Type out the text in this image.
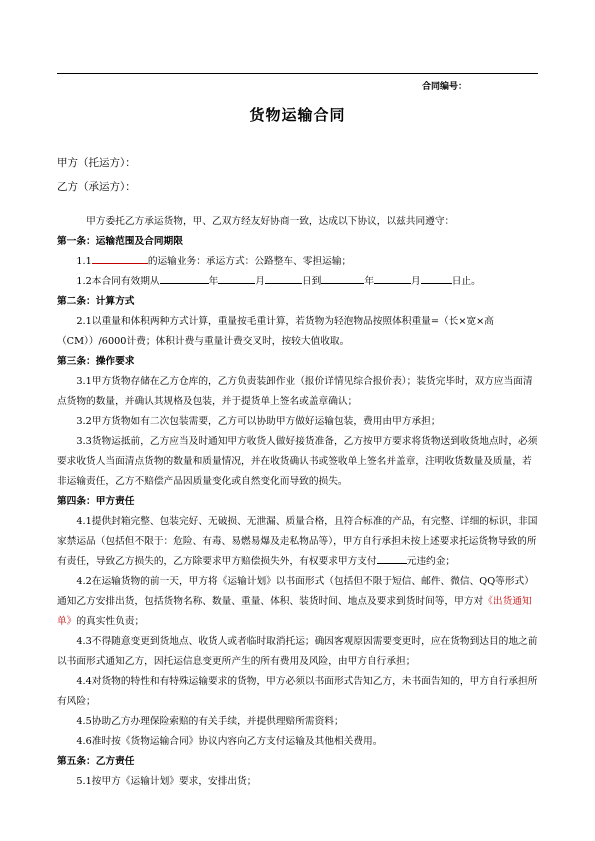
合同编号：
货物运输合同
甲方（托运方）：
乙方（承运方）：

甲方委托乙方承运货物，甲、乙双方经友好协商一致，达成以下协议，以兹共同遵守：

第一条：运输范围及合同期限

1.1	的运输业务：承运方式：公路整车、零担运输；

1.2本合同有效期从	年	月	日到	年	月	日止。

第二条：计算方式

2.1以重量和体积两种方式计算，重量按毛重计算，若货物为轻泡物品按照体积重量=（长×宽×高（CM））/6000计费；体积计费与重量计费交叉时，按较大值收取。

第三条：操作要求

3.1甲方货物存储在乙方仓库的，乙方负责装卸作业（报价详情见综合报价表）；装货完毕时，双方应当面清点货物的数量，并确认其规格及包装，并于提货单上签名或盖章确认；

3.2甲方货物如有二次包装需要，乙方可以协助甲方做好运输包装，费用由甲方承担；

3.3货物运抵前，乙方应当及时通知甲方收货人做好接货准备，乙方按甲方要求将货物送到收货地点时，必须要求收货人当面清点货物的数量和质量情况，并在收货确认书或签收单上签名并盖章，注明收货数量及质量，若非运输责任，乙方不赔偿产品因质量变化或自然变化而导致的损失。

第四条：甲方责任

4.1提供封箱完整、包装完好、无破损、无泄漏、质量合格，且符合标准的产品，有完整、详细的标识，非国家禁运品（包括但不限于：危险、有毒、易燃易爆及走私物品等），甲方自行承担未按上述要求托运货物导致的所有责任，导致乙方损失的，乙方除要求甲方赔偿损失外，有权要求甲方支付	元违约金；

4.2在运输货物的前一天，甲方将《运输计划》以书面形式（包括但不限于短信、邮件、微信、QQ等形式）通知乙方安排出货，包括货物名称、数量、重量、体积、装货时间、地点及要求到货时间等，甲方对《出货通知单》的真实性负责；

4.3不得随意变更到货地点、收货人或者临时取消托运；确因客观原因需要变更时，应在货物到达目的地之前以书面形式通知乙方，因托运信息变更所产生的所有费用及风险，由甲方自行承担；

4.4对货物的特性和有特殊运输要求的货物，甲方必须以书面形式告知乙方，未书面告知的，甲方自行承担所有风险；

4.5协助乙方办理保险索赔的有关手续，并提供理赔所需资料；

4.6准时按《货物运输合同》协议内容向乙方支付运输及其他相关费用。

第五条：乙方责任

5.1按甲方《运输计划》要求，安排出货；
